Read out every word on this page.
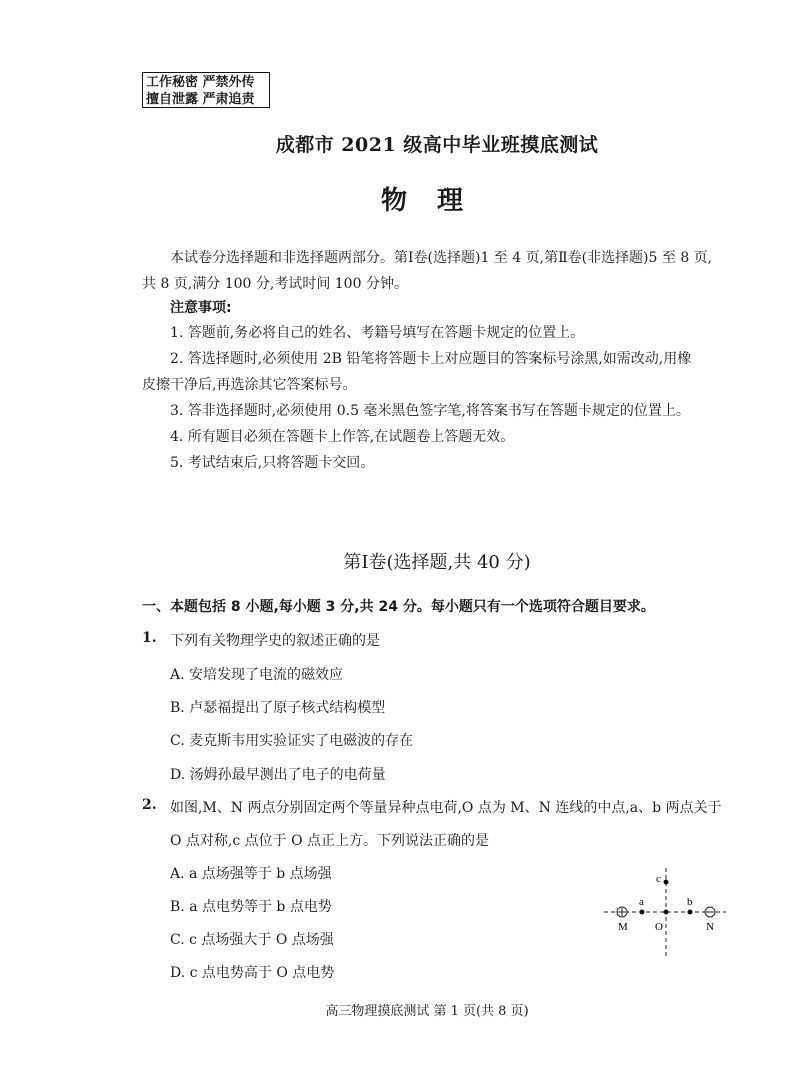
工作秘密 严禁外传
擅自泄露 严肃追责
成都市 2021 级高中毕业班摸底测试
物理
本试卷分选择题和非选择题两部分。第Ⅰ卷(选择题)1 至 4 页,第Ⅱ卷(非选择题)5 至 8 页,
共 8 页,满分 100 分,考试时间 100 分钟。
注意事项:
1. 答题前,务必将自己的姓名、考籍号填写在答题卡规定的位置上。
2. 答选择题时,必须使用 2B 铅笔将答题卡上对应题目的答案标号涂黑,如需改动,用橡
皮擦干净后,再选涂其它答案标号。
3. 答非选择题时,必须使用 0.5 毫米黑色签字笔,将答案书写在答题卡规定的位置上。
4. 所有题目必须在答题卡上作答,在试题卷上答题无效。
5. 考试结束后,只将答题卡交回。
第Ⅰ卷(选择题,共 40 分)
一、本题包括 8 小题,每小题 3 分,共 24 分。每小题只有一个选项符合题目要求。
1. 下列有关物理学史的叙述正确的是
A. 安培发现了电流的磁效应
B. 卢瑟福提出了原子核式结构模型
C. 麦克斯韦用实验证实了电磁波的存在
D. 汤姆孙最早测出了电子的电荷量
2. 如图,M、N 两点分别固定两个等量异种点电荷,O 点为 M、N 连线的中点,a、b 两点关于
O 点对称,c 点位于 O 点正上方。下列说法正确的是
A. a 点场强等于 b 点场强
B. a 点电势等于 b 点电势
C. c 点场强大于 O 点场强
D. c 点电势高于 O 点电势
M	N
O
a	b
c
高三物理摸底测试 第 1 页(共 8 页)
